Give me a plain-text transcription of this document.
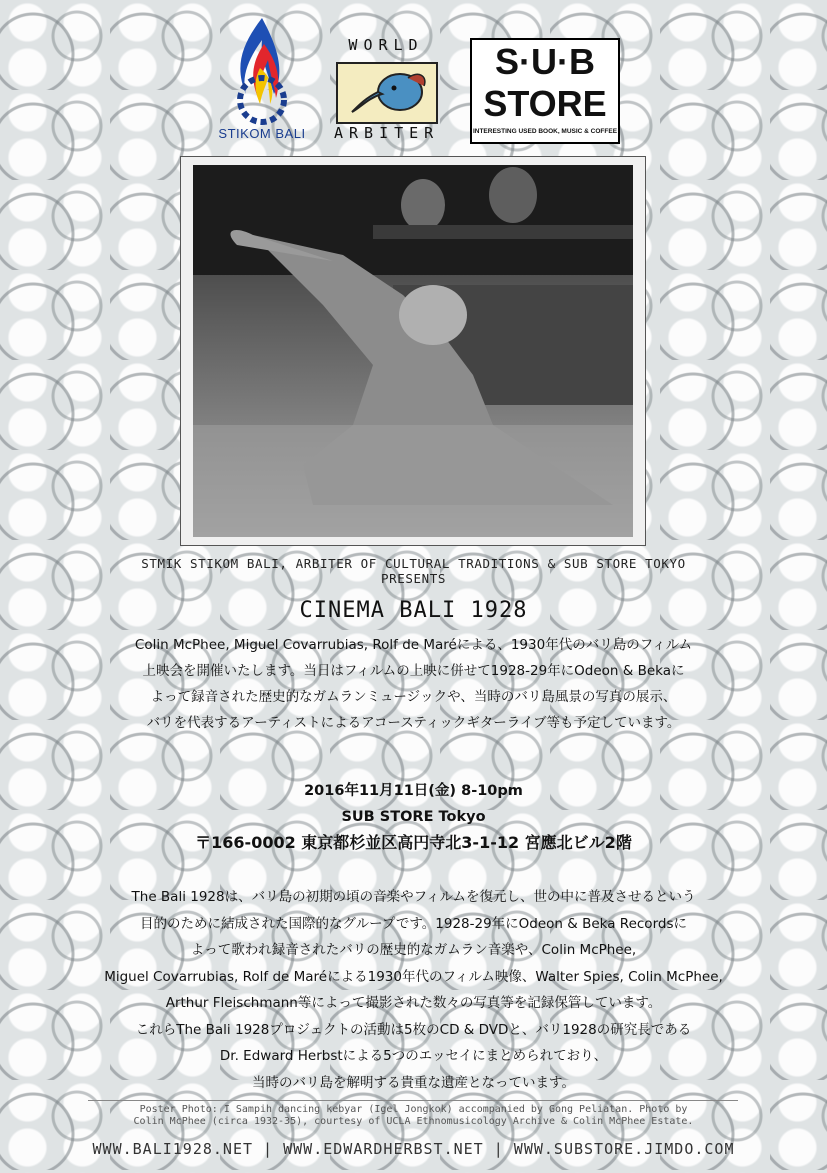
STIKOM BALI
WORLD
ARBITER
S·U·B
STORE
INTERESTING USED BOOK, MUSIC & COFFEE
STMIK STIKOM BALI, ARBITER OF CULTURAL TRADITIONS & SUB STORE TOKYO
PRESENTS
CINEMA BALI 1928
Colin McPhee, Miguel Covarrubias, Rolf de Maréによる、1930年代のバリ島のフィルム
上映会を開催いたします。当日はフィルムの上映に併せて1928-29年にOdeon & Bekaに
よって録音された歴史的なガムランミュージックや、当時のバリ島風景の写真の展示、
バリを代表するアーティストによるアコースティックギターライブ等も予定しています。
2016年11月11日(金) 8-10pm
SUB STORE Tokyo
〒166-0002 東京都杉並区高円寺北3-1-12 宮應北ビル2階
The Bali 1928は、バリ島の初期の頃の音楽やフィルムを復元し、世の中に普及させるという
目的のために結成された国際的なグループです。1928-29年にOdeon & Beka Recordsに
よって歌われ録音されたバリの歴史的なガムラン音楽や、Colin McPhee,
Miguel Covarrubias, Rolf de Maréによる1930年代のフィルム映像、Walter Spies, Colin McPhee,
Arthur Fleischmann等によって撮影された数々の写真等を記録保管しています。
これらThe Bali 1928プロジェクトの活動は5枚のCD & DVDと、バリ1928の研究長である
Dr. Edward Herbstによる5つのエッセイにまとめられており、
当時のバリ島を解明する貴重な遺産となっています。
Poster Photo: I Sampih dancing kebyar (Igel Jongkok) accompanied by Gong Peliatan. Photo by
Colin McPhee (circa 1932-35), courtesy of UCLA Ethnomusicology Archive & Colin McPhee Estate.
WWW.BALI1928.NET | WWW.EDWARDHERBST.NET | WWW.SUBSTORE.JIMDO.COM
